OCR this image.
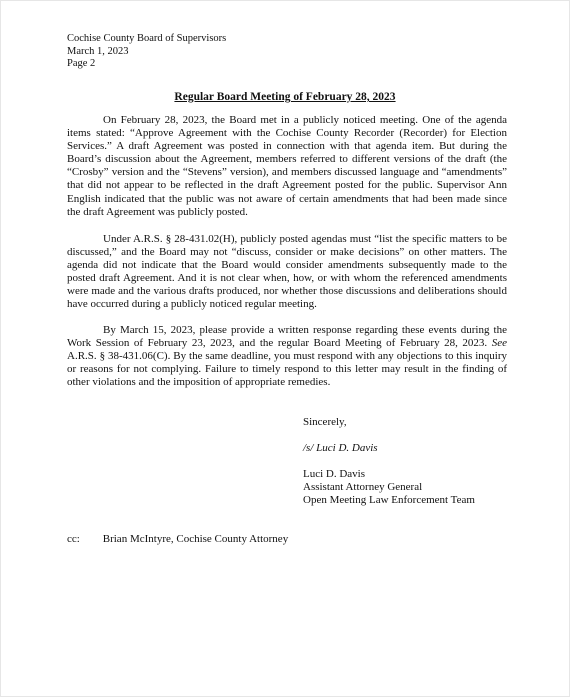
Cochise County Board of Supervisors
March 1, 2023
Page 2
Regular Board Meeting of February 28, 2023

On February 28, 2023, the Board met in a publicly noticed meeting. One of the agenda items stated: “Approve Agreement with the Cochise County Recorder (Recorder) for Election Services.” A draft Agreement was posted in connection with that agenda item. But during the Board’s discussion about the Agreement, members referred to different versions of the draft (the “Crosby” version and the “Stevens” version), and members discussed language and “amendments” that did not appear to be reflected in the draft Agreement posted for the public. Supervisor Ann English indicated that the public was not aware of certain amendments that had been made since the draft Agreement was publicly posted.

Under A.R.S. § 28-431.02(H), publicly posted agendas must “list the specific matters to be discussed,” and the Board may not “discuss, consider or make decisions” on other matters. The agenda did not indicate that the Board would consider amendments subsequently made to the posted draft Agreement. And it is not clear when, how, or with whom the referenced amendments were made and the various drafts produced, nor whether those discussions and deliberations should have occurred during a publicly noticed regular meeting.

By March 15, 2023, please provide a written response regarding these events during the Work Session of February 23, 2023, and the regular Board Meeting of February 28, 2023. See A.R.S. § 38-431.06(C). By the same deadline, you must respond with any objections to this inquiry or reasons for not complying. Failure to timely respond to this letter may result in the finding of other violations and the imposition of appropriate remedies.

Sincerely,
/s/ Luci D. Davis
Luci D. Davis
Assistant Attorney General
Open Meeting Law Enforcement Team
cc: Brian McIntyre, Cochise County Attorney
